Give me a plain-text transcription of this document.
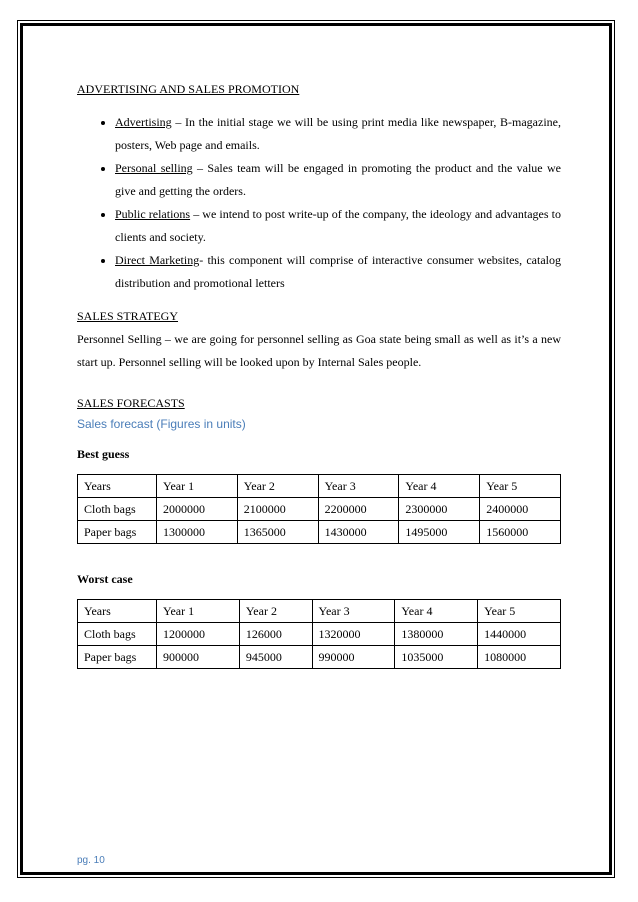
ADVERTISING AND SALES PROMOTION

• Advertising – In the initial stage we will be using print media like newspaper, B-magazine, posters, Web page and emails.
• Personal selling – Sales team will be engaged in promoting the product and the value we give and getting the orders.
• Public relations – we intend to post write-up of the company, the ideology and advantages to clients and society.
• Direct Marketing- this component will comprise of interactive consumer websites, catalog distribution and promotional letters

SALES STRATEGY

Personnel Selling – we are going for personnel selling as Goa state being small as well as it’s a new start up. Personnel selling will be looked upon by Internal Sales people.

SALES FORECASTS

Sales forecast (Figures in units)

Best guess

Years	Year 1	Year 2	Year 3	Year 4	Year 5
Cloth bags	2000000	2100000	2200000	2300000	2400000
Paper bags	1300000	1365000	1430000	1495000	1560000

Worst case

Years	Year 1	Year 2	Year 3	Year 4	Year 5
Cloth bags	1200000	126000	1320000	1380000	1440000
Paper bags	900000	945000	990000	1035000	1080000
pg. 10
